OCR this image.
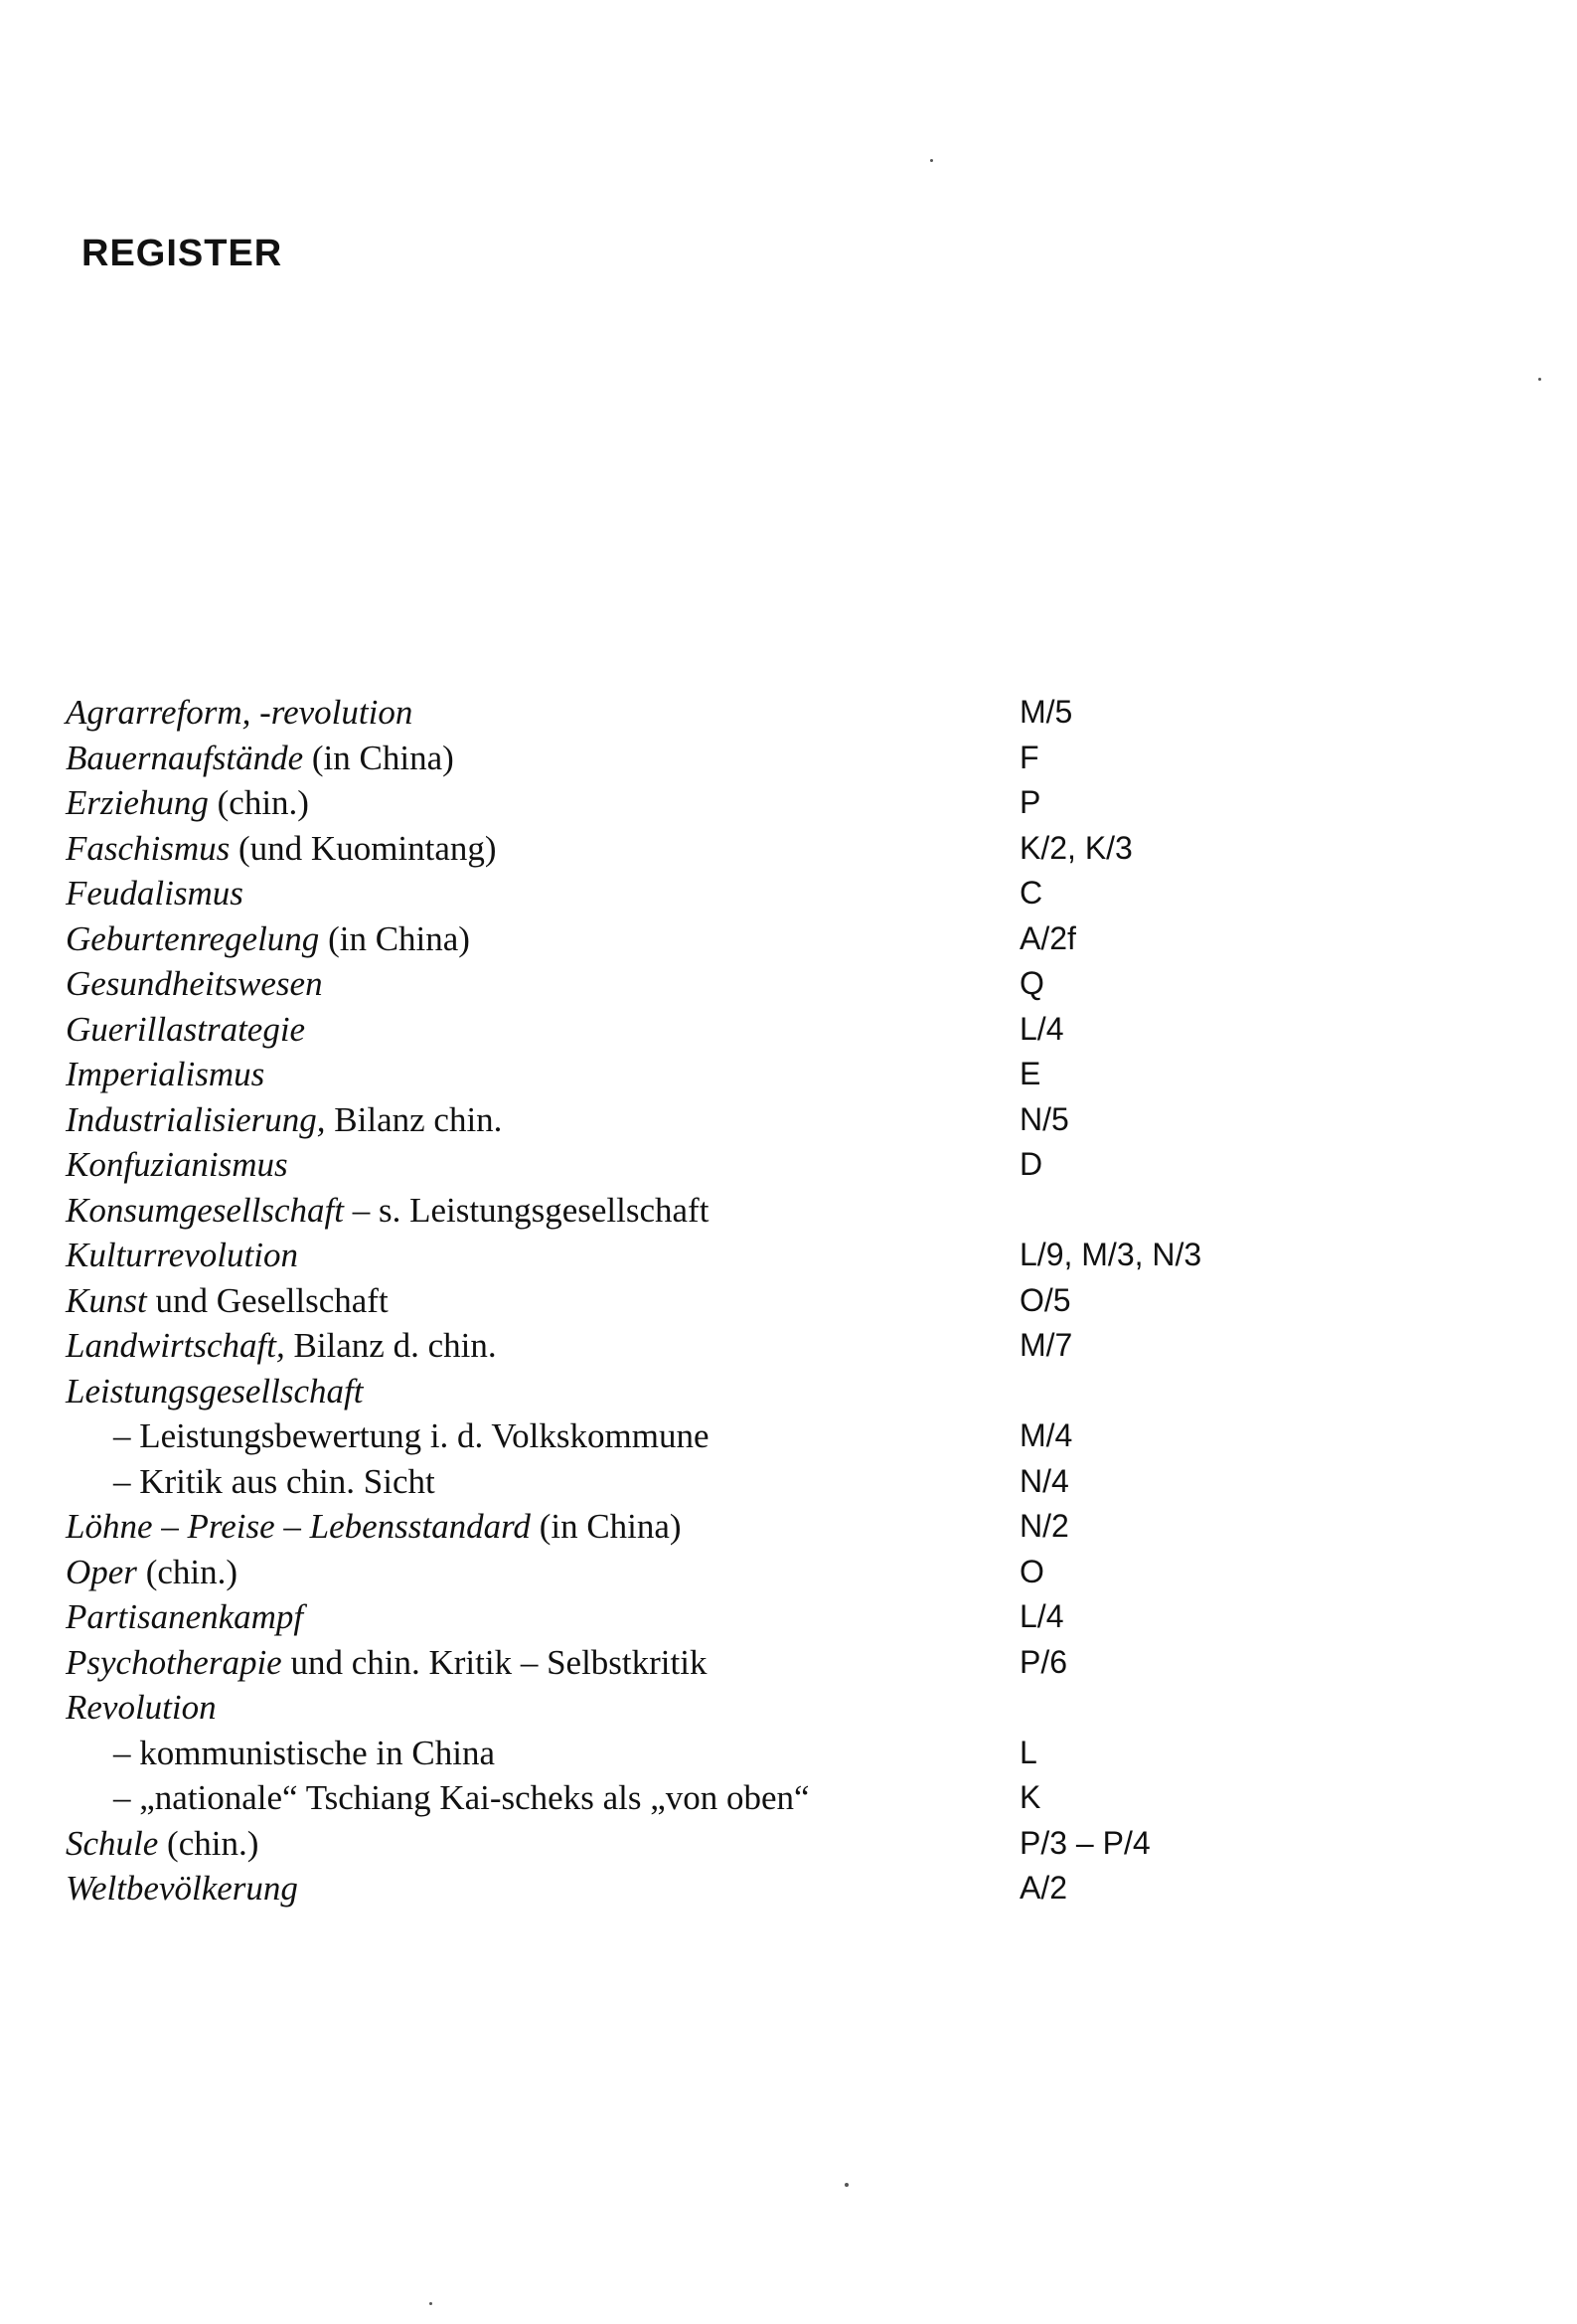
REGISTER
Agrarreform, -revolution	M/5
Bauernaufstände (in China)	F
Erziehung (chin.)	P
Faschismus (und Kuomintang)	K/2, K/3
Feudalismus	C
Geburtenregelung (in China)	A/2f
Gesundheitswesen	Q
Guerillastrategie	L/4
Imperialismus	E
Industrialisierung, Bilanz chin.	N/5
Konfuzianismus	D
Konsumgesellschaft – s. Leistungsgesellschaft
Kulturrevolution	L/9, M/3, N/3
Kunst und Gesellschaft	O/5
Landwirtschaft, Bilanz d. chin.	M/7
Leistungsgesellschaft
– Leistungsbewertung i. d. Volkskommune	M/4
– Kritik aus chin. Sicht	N/4
Löhne – Preise – Lebensstandard (in China)	N/2
Oper (chin.)	O
Partisanenkampf	L/4
Psychotherapie und chin. Kritik – Selbstkritik	P/6
Revolution
– kommunistische in China	L
– „nationale“ Tschiang Kai-scheks als „von oben“	K
Schule (chin.)	P/3 – P/4
Weltbevölkerung	A/2
